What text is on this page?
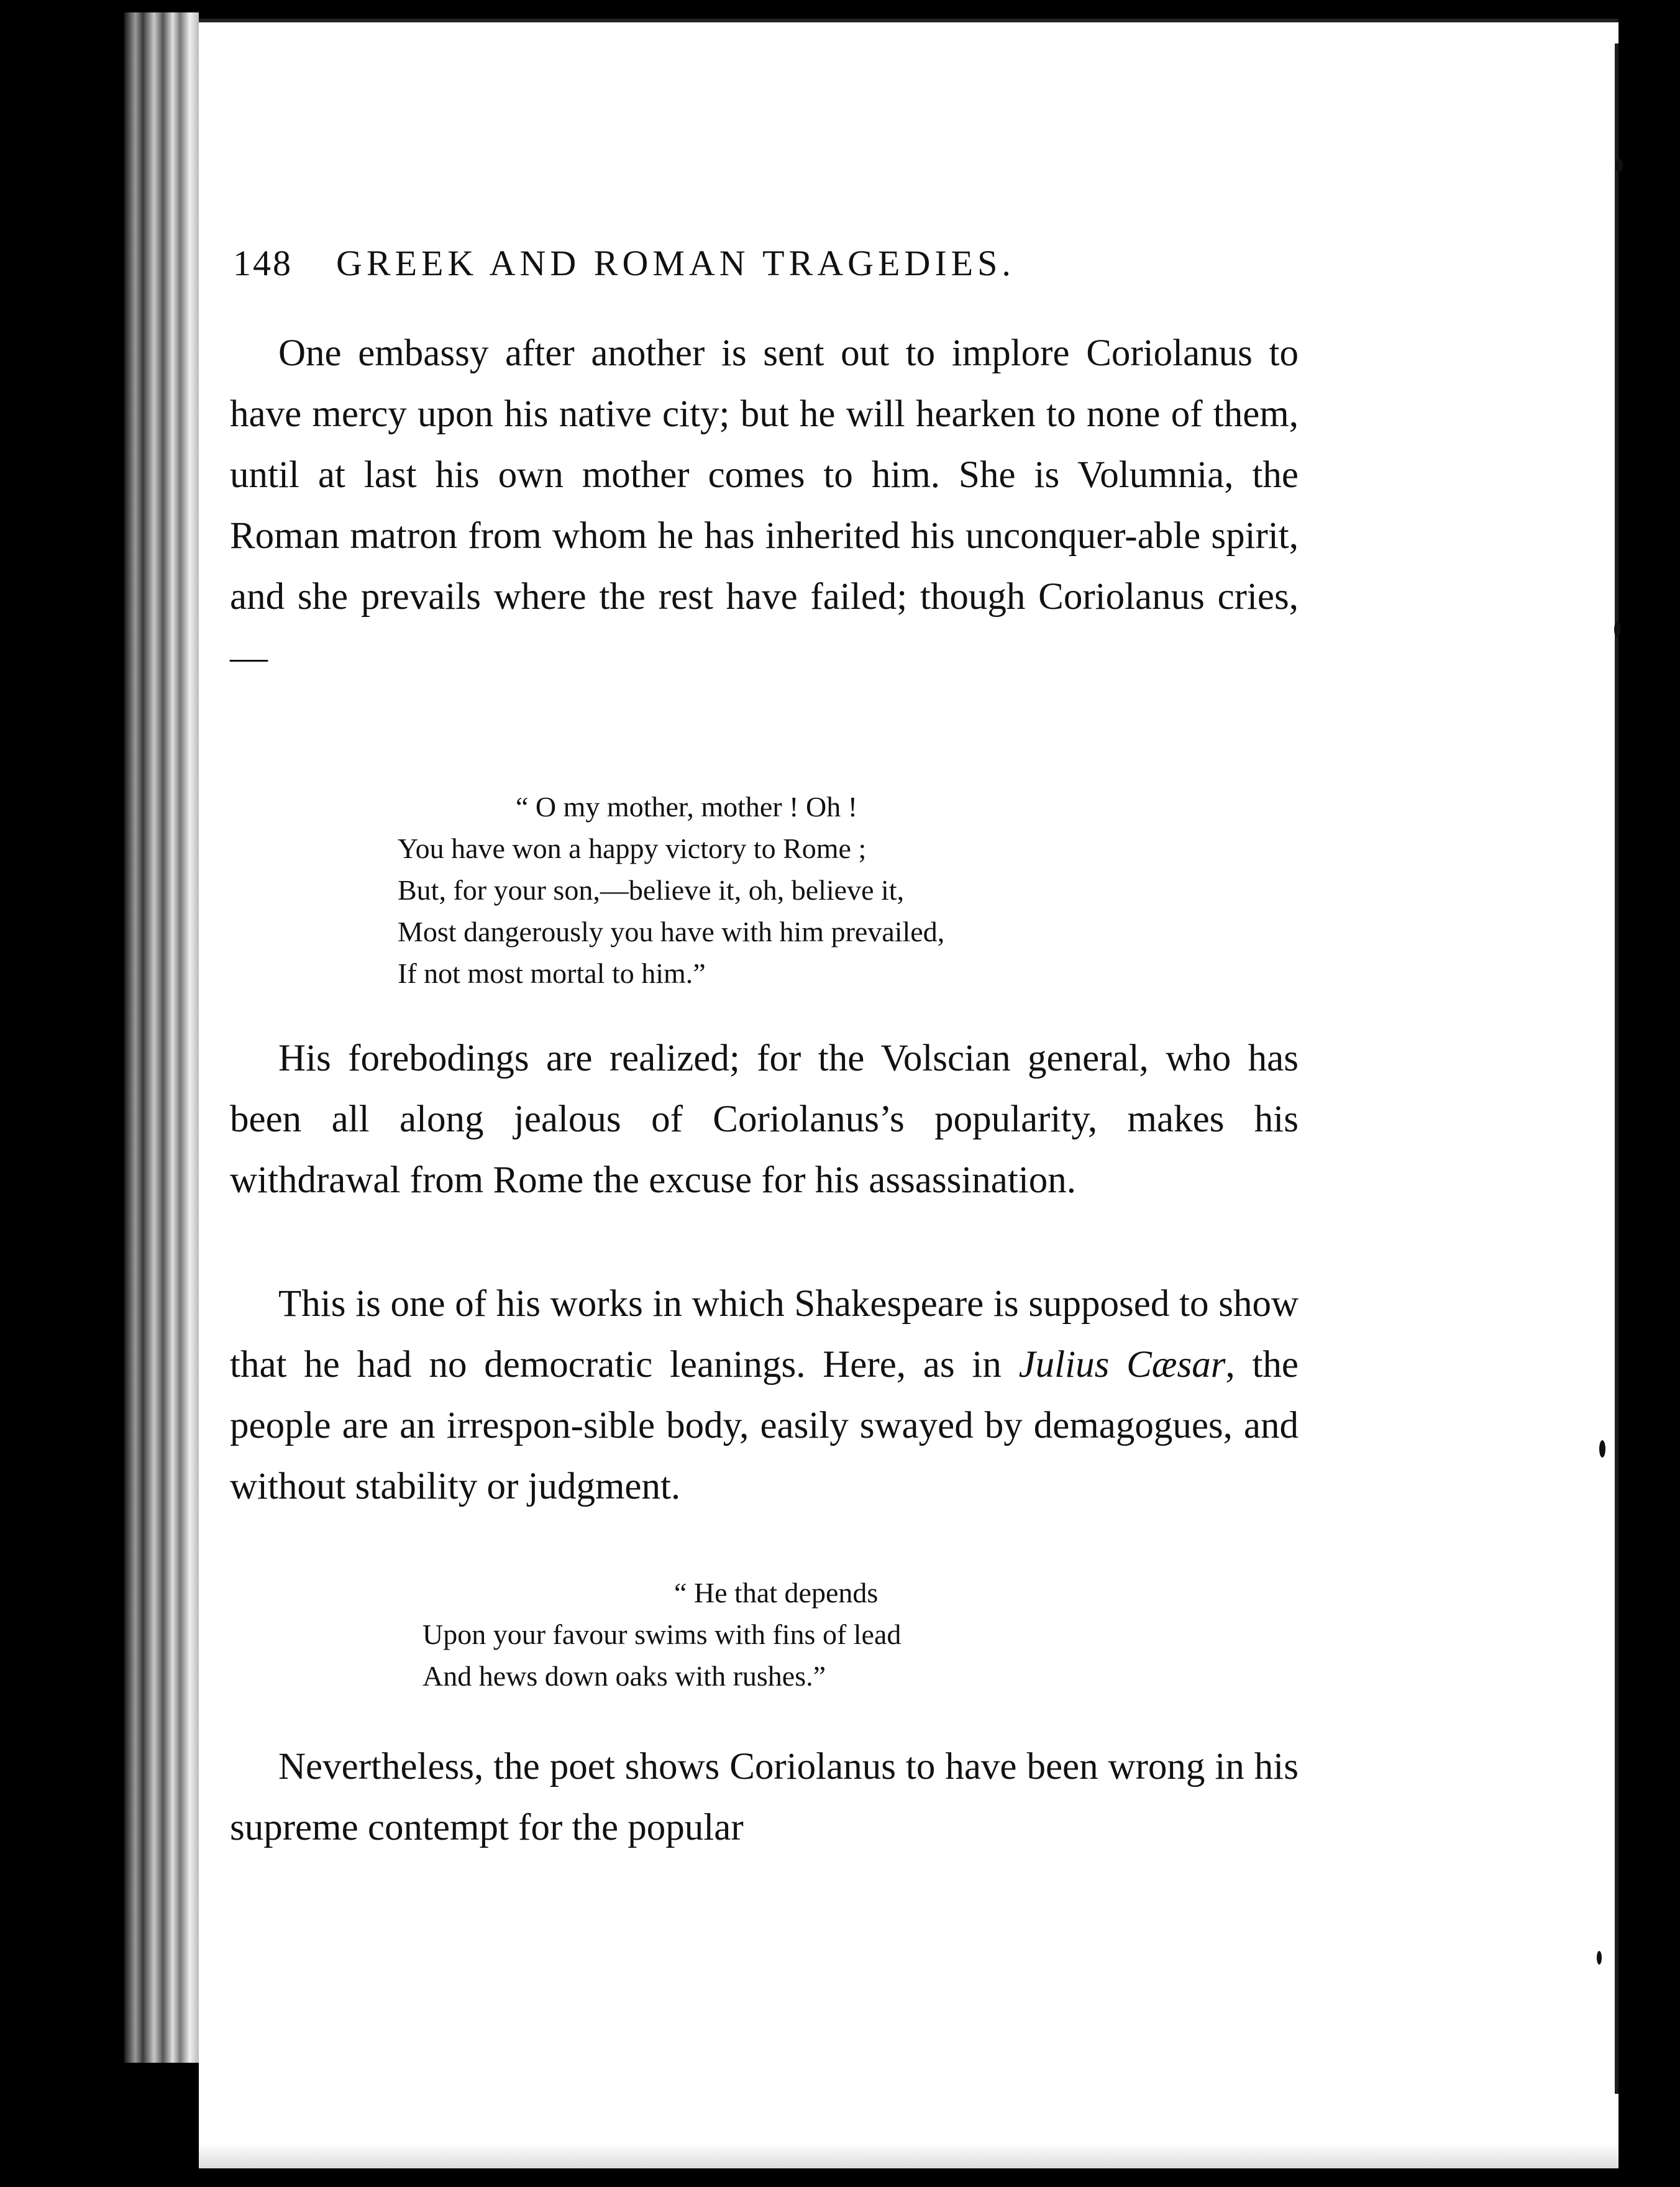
148 GREEK AND ROMAN TRAGEDIES.

One embassy after another is sent out to implore Coriolanus to have mercy upon his native city; but he will hearken to none of them, until at last his own mother comes to him. She is Volumnia, the Roman matron from whom he has inherited his unconquer-able spirit, and she prevails where the rest have failed; though Coriolanus cries,—

“ O my mother, mother ! Oh !
You have won a happy victory to Rome ;
But, for your son,—believe it, oh, believe it,
Most dangerously you have with him prevailed,
If not most mortal to him.”

His forebodings are realized; for the Volscian general, who has been all along jealous of Coriolanus’s popularity, makes his withdrawal from Rome the excuse for his assassination.

This is one of his works in which Shakespeare is supposed to show that he had no democratic leanings. Here, as in Julius Cæsar, the people are an irrespon-sible body, easily swayed by demagogues, and without stability or judgment.

“ He that depends
Upon your favour swims with fins of lead
And hews down oaks with rushes.”

Nevertheless, the poet shows Coriolanus to have been wrong in his supreme contempt for the popular
